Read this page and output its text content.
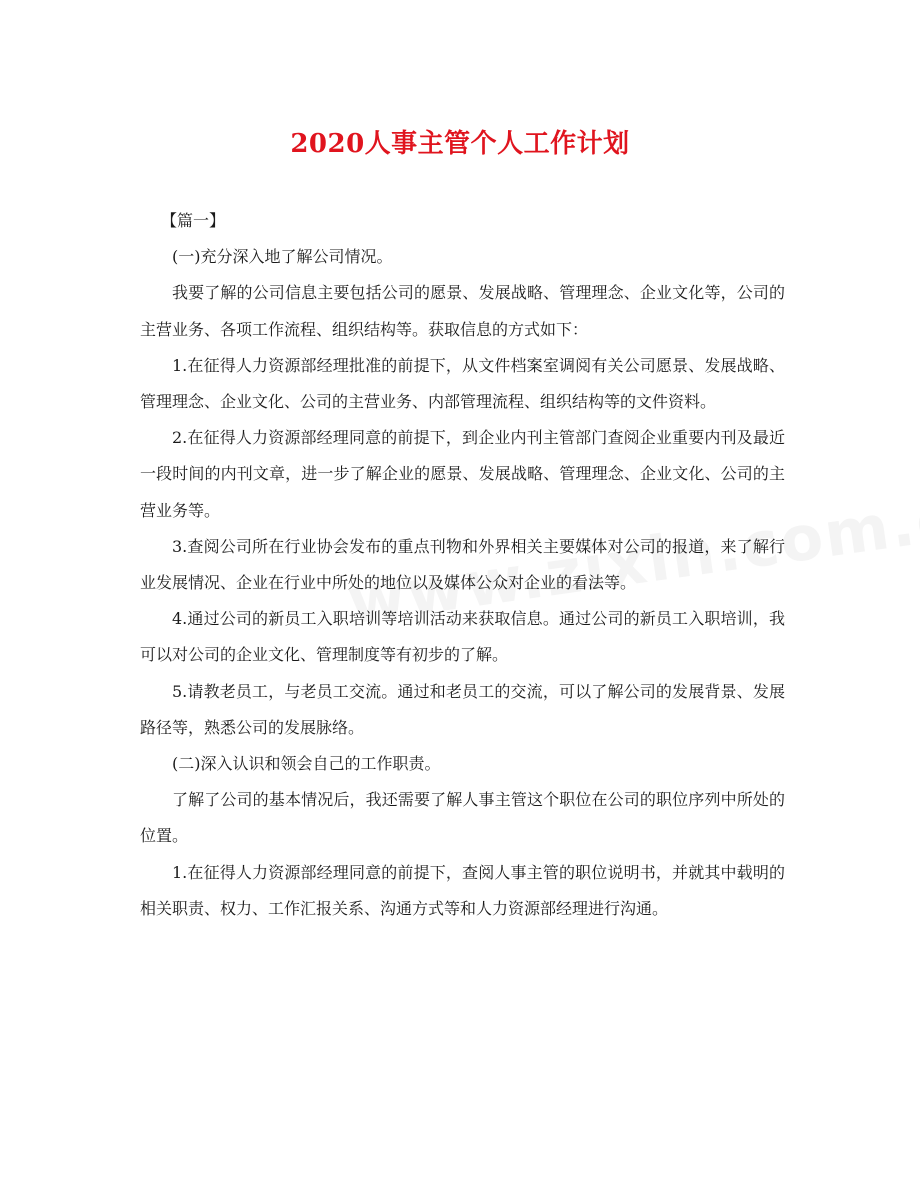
2020人事主管个人工作计划

【篇一】

(一)充分深入地了解公司情况。

我要了解的公司信息主要包括公司的愿景、发展战略、管理理念、企业文化等，公司的主营业务、各项工作流程、组织结构等。获取信息的方式如下：

1.在征得人力资源部经理批准的前提下，从文件档案室调阅有关公司愿景、发展战略、管理理念、企业文化、公司的主营业务、内部管理流程、组织结构等的文件资料。

2.在征得人力资源部经理同意的前提下，到企业内刊主管部门查阅企业重要内刊及最近一段时间的内刊文章，进一步了解企业的愿景、发展战略、管理理念、企业文化、公司的主营业务等。

3.查阅公司所在行业协会发布的重点刊物和外界相关主要媒体对公司的报道，来了解行业发展情况、企业在行业中所处的地位以及媒体公众对企业的看法等。

4.通过公司的新员工入职培训等培训活动来获取信息。通过公司的新员工入职培训，我可以对公司的企业文化、管理制度等有初步的了解。

5.请教老员工，与老员工交流。通过和老员工的交流，可以了解公司的发展背景、发展路径等，熟悉公司的发展脉络。

(二)深入认识和领会自己的工作职责。

了解了公司的基本情况后，我还需要了解人事主管这个职位在公司的职位序列中所处的位置。

1.在征得人力资源部经理同意的前提下，查阅人事主管的职位说明书，并就其中载明的相关职责、权力、工作汇报关系、沟通方式等和人力资源部经理进行沟通。
